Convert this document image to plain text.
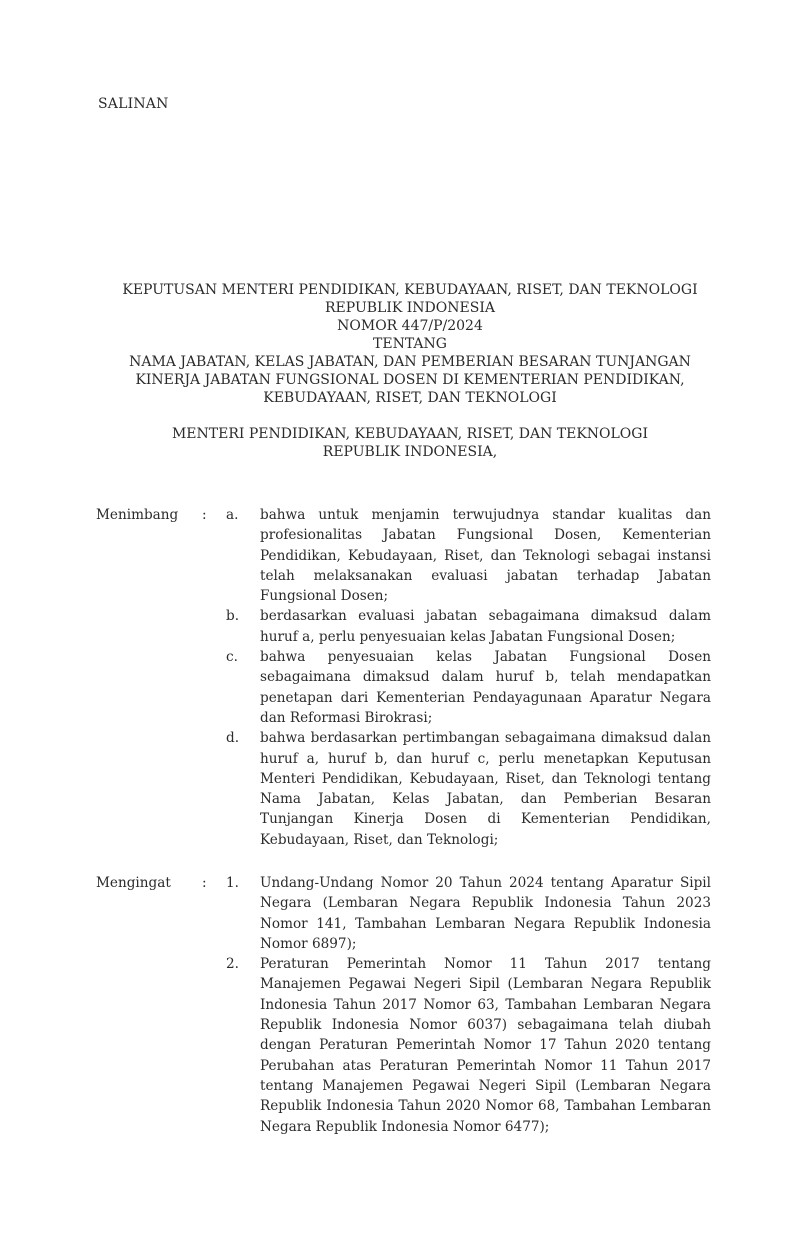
SALINAN
KEPUTUSAN MENTERI PENDIDIKAN, KEBUDAYAAN, RISET, DAN TEKNOLOGI
REPUBLIK INDONESIA
NOMOR 447/P/2024
TENTANG
NAMA JABATAN, KELAS JABATAN, DAN PEMBERIAN BESARAN TUNJANGAN
KINERJA JABATAN FUNGSIONAL DOSEN DI KEMENTERIAN PENDIDIKAN,
KEBUDAYAAN, RISET, DAN TEKNOLOGI
MENTERI PENDIDIKAN, KEBUDAYAAN, RISET, DAN TEKNOLOGI
REPUBLIK INDONESIA,
Menimbang : a. bahwa untuk menjamin terwujudnya standar kualitas dan profesionalitas Jabatan Fungsional Dosen, Kementerian Pendidikan, Kebudayaan, Riset, dan Teknologi sebagai instansi telah melaksanakan evaluasi jabatan terhadap Jabatan Fungsional Dosen;
b. berdasarkan evaluasi jabatan sebagaimana dimaksud dalam huruf a, perlu penyesuaian kelas Jabatan Fungsional Dosen;
c. bahwa penyesuaian kelas Jabatan Fungsional Dosen sebagaimana dimaksud dalam huruf b, telah mendapatkan penetapan dari Kementerian Pendayagunaan Aparatur Negara dan Reformasi Birokrasi;
d. bahwa berdasarkan pertimbangan sebagaimana dimaksud dalan huruf a, huruf b, dan huruf c, perlu menetapkan Keputusan Menteri Pendidikan, Kebudayaan, Riset, dan Teknologi tentang Nama Jabatan, Kelas Jabatan, dan Pemberian Besaran Tunjangan Kinerja Dosen di Kementerian Pendidikan, Kebudayaan, Riset, dan Teknologi;
Mengingat : 1. Undang-Undang Nomor 20 Tahun 2024 tentang Aparatur Sipil Negara (Lembaran Negara Republik Indonesia Tahun 2023 Nomor 141, Tambahan Lembaran Negara Republik Indonesia Nomor 6897);
2. Peraturan Pemerintah Nomor 11 Tahun 2017 tentang Manajemen Pegawai Negeri Sipil (Lembaran Negara Republik Indonesia Tahun 2017 Nomor 63, Tambahan Lembaran Negara Republik Indonesia Nomor 6037) sebagaimana telah diubah dengan Peraturan Pemerintah Nomor 17 Tahun 2020 tentang Perubahan atas Peraturan Pemerintah Nomor 11 Tahun 2017 tentang Manajemen Pegawai Negeri Sipil (Lembaran Negara Republik Indonesia Tahun 2020 Nomor 68, Tambahan Lembaran Negara Republik Indonesia Nomor 6477);
